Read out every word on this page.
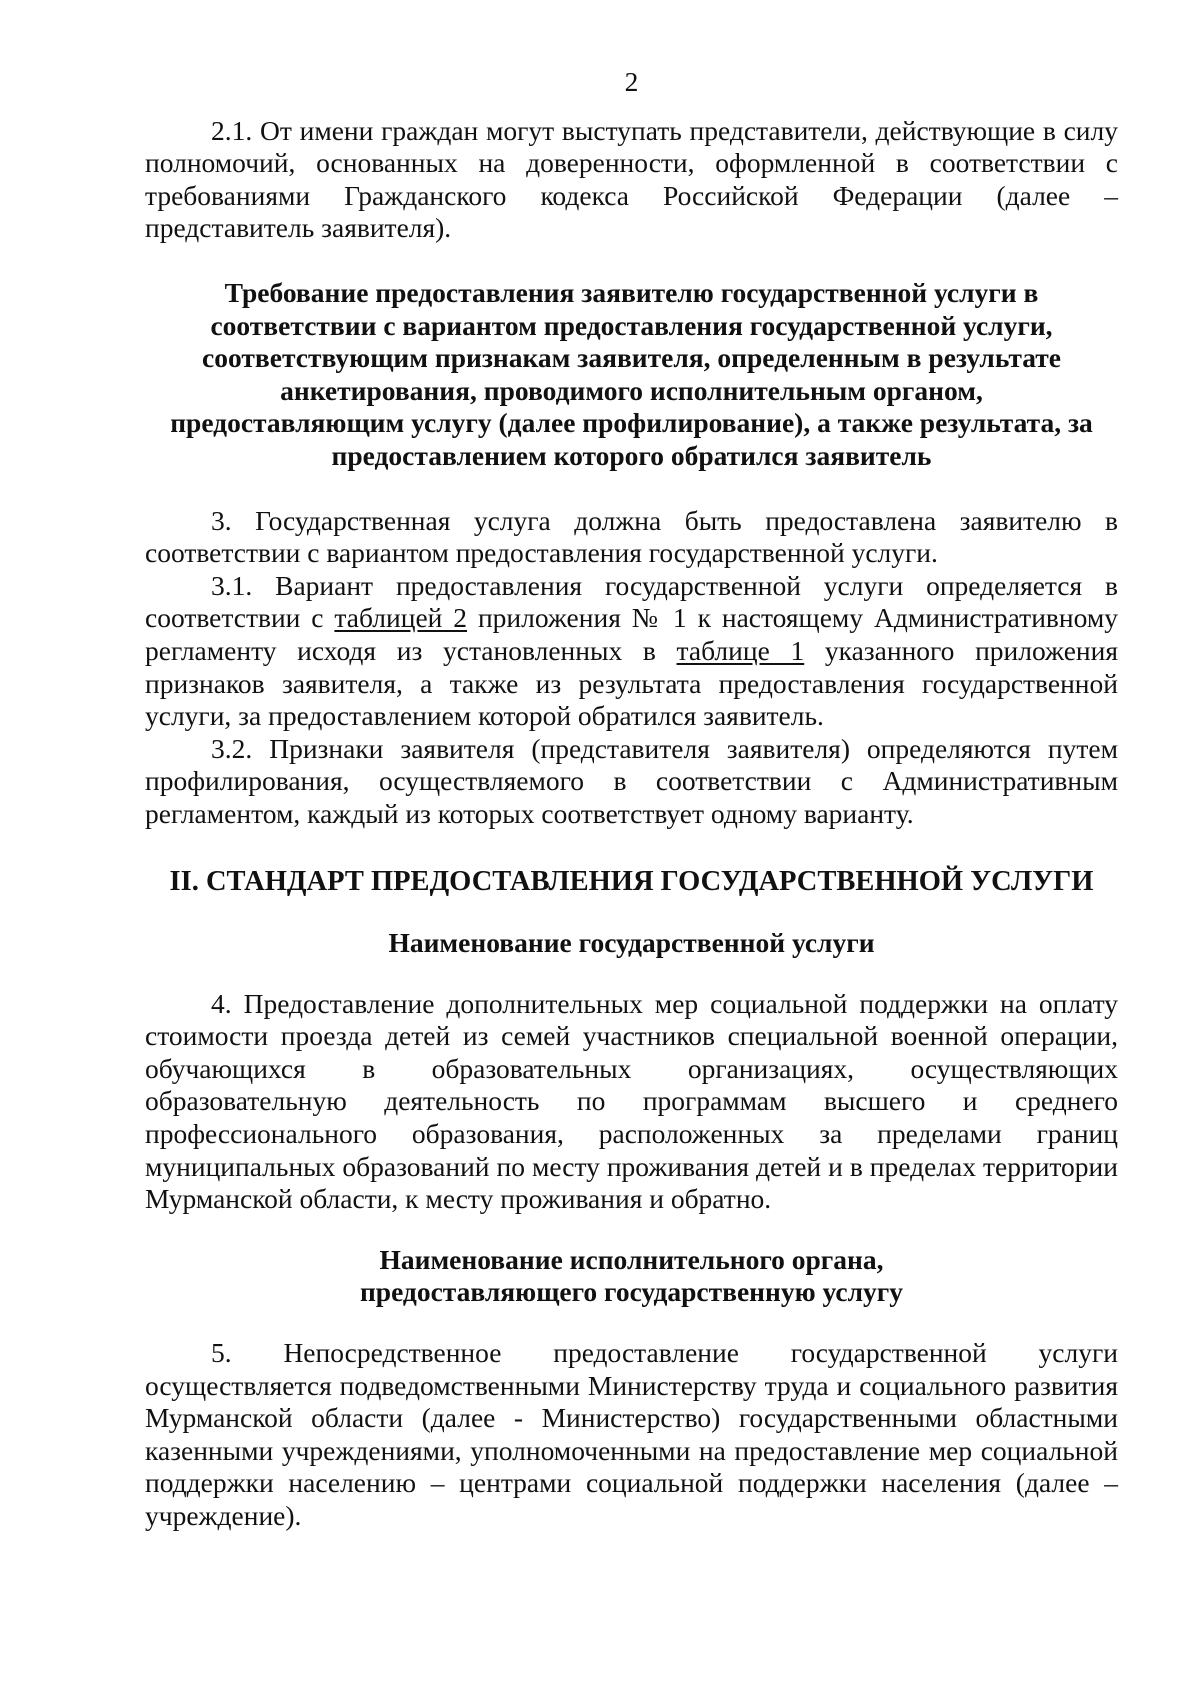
2

2.1. От имени граждан могут выступать представители, действующие в силу полномочий, основанных на доверенности, оформленной в соответствии с требованиями Гражданского кодекса Российской Федерации (далее – представитель заявителя).

Требование предоставления заявителю государственной услуги в
соответствии с вариантом предоставления государственной услуги,
соответствующим признакам заявителя, определенным в результате
анкетирования, проводимого исполнительным органом,
предоставляющим услугу (далее профилирование), а также результата, за
предоставлением которого обратился заявитель

3. Государственная услуга должна быть предоставлена заявителю в соответствии с вариантом предоставления государственной услуги.

3.1. Вариант предоставления государственной услуги определяется в соответствии с таблицей 2 приложения № 1 к настоящему Административному регламенту исходя из установленных в таблице 1 указанного приложения признаков заявителя, а также из результата предоставления государственной услуги, за предоставлением которой обратился заявитель.

3.2. Признаки заявителя (представителя заявителя) определяются путем профилирования, осуществляемого в соответствии с Административным регламентом, каждый из которых соответствует одному варианту.

II. СТАНДАРТ ПРЕДОСТАВЛЕНИЯ ГОСУДАРСТВЕННОЙ УСЛУГИ
Наименование государственной услуги

4. Предоставление дополнительных мер социальной поддержки на оплату стоимости проезда детей из семей участников специальной военной операции, обучающихся в образовательных организациях, осуществляющих образовательную деятельность по программам высшего и среднего профессионального образования, расположенных за пределами границ муниципальных образований по месту проживания детей и в пределах территории Мурманской области, к месту проживания и обратно.

Наименование исполнительного органа,
предоставляющего государственную услугу

5. Непосредственное предоставление государственной услуги осуществляется подведомственными Министерству труда и социального развития Мурманской области (далее - Министерство) государственными областными казенными учреждениями, уполномоченными на предоставление мер социальной поддержки населению – центрами социальной поддержки населения (далее – учреждение).
